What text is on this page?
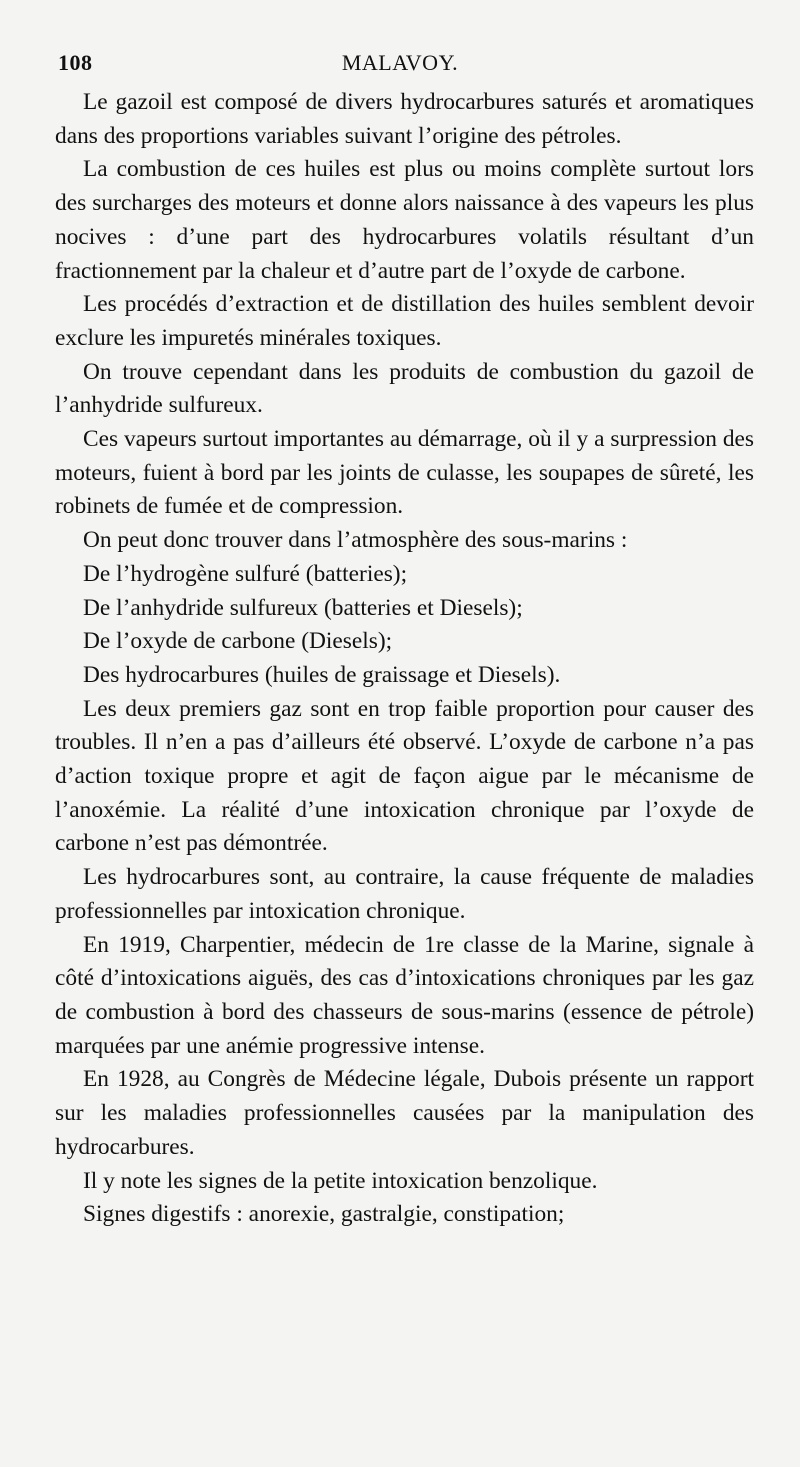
108	MALAVOY.

Le gazoil est composé de divers hydrocarbures saturés et aromatiques dans des proportions variables suivant l’origine des pétroles.

La combustion de ces huiles est plus ou moins complète surtout lors des surcharges des moteurs et donne alors naissance à des vapeurs les plus nocives : d’une part des hydrocarbures volatils résultant d’un fractionnement par la chaleur et d’autre part de l’oxyde de carbone.

Les procédés d’extraction et de distillation des huiles semblent devoir exclure les impuretés minérales toxiques.

On trouve cependant dans les produits de combustion du gazoil de l’anhydride sulfureux.

Ces vapeurs surtout importantes au démarrage, où il y a surpression des moteurs, fuient à bord par les joints de culasse, les soupapes de sûreté, les robinets de fumée et de compression.

On peut donc trouver dans l’atmosphère des sous-marins :

De l’hydrogène sulfuré (batteries);

De l’anhydride sulfureux (batteries et Diesels);

De l’oxyde de carbone (Diesels);

Des hydrocarbures (huiles de graissage et Diesels).

Les deux premiers gaz sont en trop faible proportion pour causer des troubles. Il n’en a pas d’ailleurs été observé. L’oxyde de carbone n’a pas d’action toxique propre et agit de façon aigue par le mécanisme de l’anoxémie. La réalité d’une intoxication chronique par l’oxyde de carbone n’est pas démontrée.

Les hydrocarbures sont, au contraire, la cause fréquente de maladies professionnelles par intoxication chronique.

En 1919, Charpentier, médecin de 1re classe de la Marine, signale à côté d’intoxications aiguës, des cas d’intoxications chroniques par les gaz de combustion à bord des chasseurs de sous-marins (essence de pétrole) marquées par une anémie progressive intense.

En 1928, au Congrès de Médecine légale, Dubois présente un rapport sur les maladies professionnelles causées par la manipulation des hydrocarbures.

Il y note les signes de la petite intoxication benzolique.

Signes digestifs : anorexie, gastralgie, constipation;
